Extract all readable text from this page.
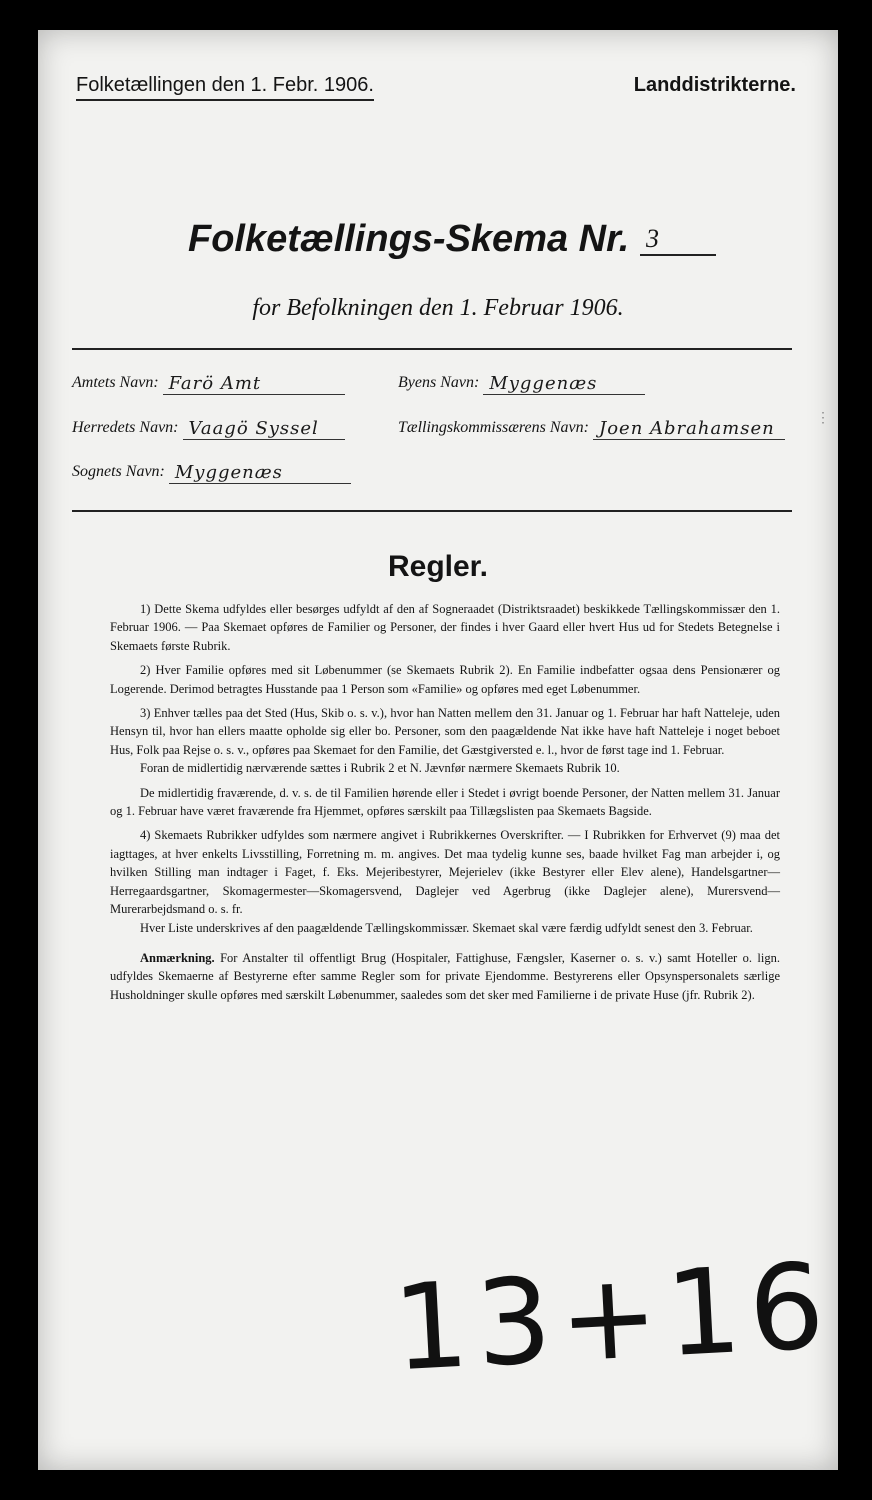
Folketællingen den 1. Febr. 1906.	Landdistrikterne.
Folketællings-Skema Nr. 3
for Befolkningen den 1. Februar 1906.
Amtets Navn: Farö Amt	Byens Navn: Myggenæs
Herredets Navn: Vaagö Syssel	Tællingskommissærens Navn: Joen Abrahamsen
Sognets Navn: Myggenæs
⋮
Regler.

1) Dette Skema udfyldes eller besørges udfyldt af den af Sogneraadet (Distriktsraadet) beskikkede Tællingskommissær den 1. Februar 1906. — Paa Skemaet opføres de Familier og Personer, der findes i hver Gaard eller hvert Hus ud for Stedets Betegnelse i Skemaets første Rubrik.

2) Hver Familie opføres med sit Løbenummer (se Skemaets Rubrik 2). En Familie indbefatter ogsaa dens Pensionærer og Logerende. Derimod betragtes Husstande paa 1 Person som «Familie» og opføres med eget Løbenummer.

3) Enhver tælles paa det Sted (Hus, Skib o. s. v.), hvor han Natten mellem den 31. Januar og 1. Februar har haft Natteleje, uden Hensyn til, hvor han ellers maatte opholde sig eller bo. Personer, som den paagældende Nat ikke have haft Natteleje i noget beboet Hus, Folk paa Rejse o. s. v., opføres paa Skemaet for den Familie, det Gæstgiversted e. l., hvor de først tage ind 1. Februar.

Foran de midlertidig nærværende sættes i Rubrik 2 et N. Jævnfør nærmere Skemaets Rubrik 10.

De midlertidig fraværende, d. v. s. de til Familien hørende eller i Stedet i øvrigt boende Personer, der Natten mellem 31. Januar og 1. Februar have været fraværende fra Hjemmet, opføres særskilt paa Tillægslisten paa Skemaets Bagside.

4) Skemaets Rubrikker udfyldes som nærmere angivet i Rubrikkernes Overskrifter. — I Rubrikken for Erhvervet (9) maa det iagttages, at hver enkelts Livsstilling, Forretning m. m. angives. Det maa tydelig kunne ses, baade hvilket Fag man arbejder i, og hvilken Stilling man indtager i Faget, f. Eks. Mejeribestyrer, Mejerielev (ikke Bestyrer eller Elev alene), Handelsgartner—Herregaardsgartner, Skomagermester—Skomagersvend, Daglejer ved Agerbrug (ikke Daglejer alene), Murersvend—Murerarbejdsmand o. s. fr.

Hver Liste underskrives af den paagældende Tællingskommissær. Skemaet skal være færdig udfyldt senest den 3. Februar.

Anmærkning. For Anstalter til offentligt Brug (Hospitaler, Fattighuse, Fængsler, Kaserner o. s. v.) samt Hoteller o. lign. udfyldes Skemaerne af Bestyrerne efter samme Regler som for private Ejendomme. Bestyrerens eller Opsynspersonalets særlige Husholdninger skulle opføres med særskilt Løbenummer, saaledes som det sker med Familierne i de private Huse (jfr. Rubrik 2).

13+16
